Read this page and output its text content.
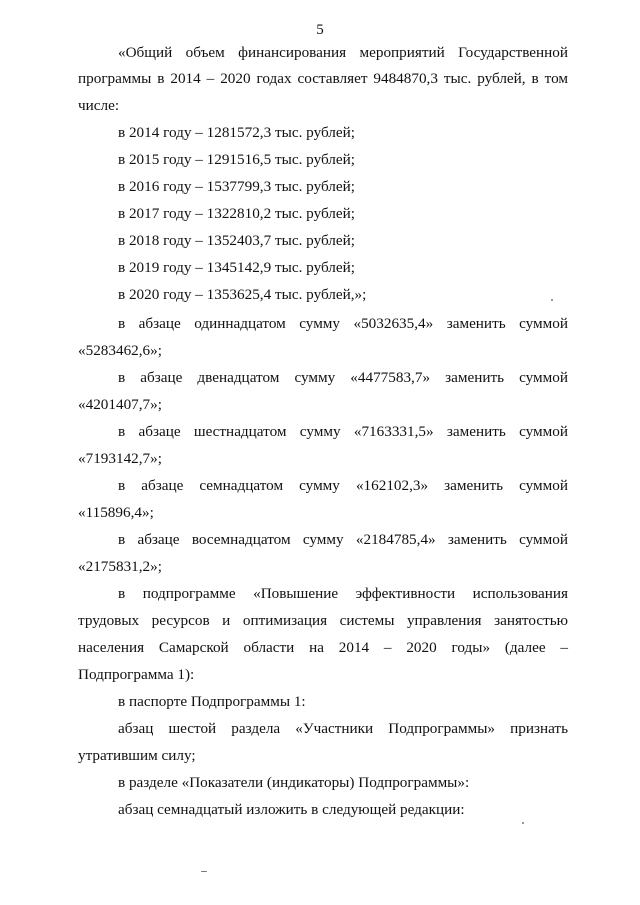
5
«Общий объем финансирования мероприятий Государственной
программы в 2014 – 2020 годах составляет 9484870,3 тыс. рублей, в том
числе:
в 2014 году – 1281572,3 тыс. рублей;
в 2015 году – 1291516,5 тыс. рублей;
в 2016 году – 1537799,3 тыс. рублей;
в 2017 году – 1322810,2 тыс. рублей;
в 2018 году – 1352403,7 тыс. рублей;
в 2019 году – 1345142,9 тыс. рублей;
в 2020 году – 1353625,4 тыс. рублей,»;
в абзаце одиннадцатом сумму «5032635,4» заменить суммой
«5283462,6»;
в абзаце двенадцатом сумму «4477583,7» заменить суммой
«4201407,7»;
в абзаце шестнадцатом сумму «7163331,5» заменить суммой
«7193142,7»;
в абзаце семнадцатом сумму «162102,3» заменить суммой
«115896,4»;
в абзаце восемнадцатом сумму «2184785,4» заменить суммой
«2175831,2»;
в подпрограмме «Повышение эффективности использования
трудовых ресурсов и оптимизация системы управления занятостью
населения Самарской области на 2014 – 2020 годы» (далее –
Подпрограмма 1):
в паспорте Подпрограммы 1:
абзац шестой раздела «Участники Подпрограммы» признать
утратившим силу;
в разделе «Показатели (индикаторы) Подпрограммы»:
абзац семнадцатый изложить в следующей редакции:
